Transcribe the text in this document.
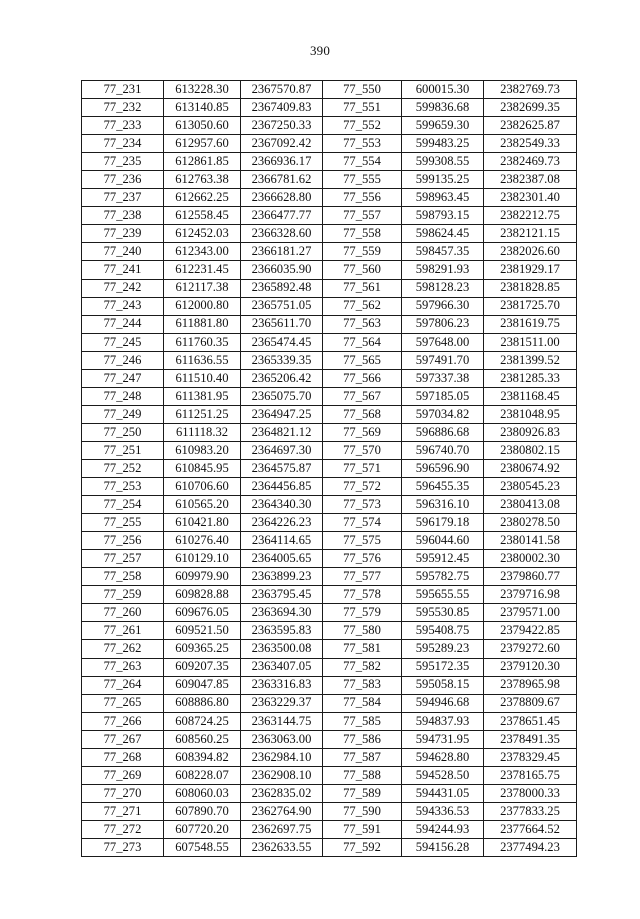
390
77_231	613228.30	2367570.87	77_550	600015.30	2382769.73
77_232	613140.85	2367409.83	77_551	599836.68	2382699.35
77_233	613050.60	2367250.33	77_552	599659.30	2382625.87
77_234	612957.60	2367092.42	77_553	599483.25	2382549.33
77_235	612861.85	2366936.17	77_554	599308.55	2382469.73
77_236	612763.38	2366781.62	77_555	599135.25	2382387.08
77_237	612662.25	2366628.80	77_556	598963.45	2382301.40
77_238	612558.45	2366477.77	77_557	598793.15	2382212.75
77_239	612452.03	2366328.60	77_558	598624.45	2382121.15
77_240	612343.00	2366181.27	77_559	598457.35	2382026.60
77_241	612231.45	2366035.90	77_560	598291.93	2381929.17
77_242	612117.38	2365892.48	77_561	598128.23	2381828.85
77_243	612000.80	2365751.05	77_562	597966.30	2381725.70
77_244	611881.80	2365611.70	77_563	597806.23	2381619.75
77_245	611760.35	2365474.45	77_564	597648.00	2381511.00
77_246	611636.55	2365339.35	77_565	597491.70	2381399.52
77_247	611510.40	2365206.42	77_566	597337.38	2381285.33
77_248	611381.95	2365075.70	77_567	597185.05	2381168.45
77_249	611251.25	2364947.25	77_568	597034.82	2381048.95
77_250	611118.32	2364821.12	77_569	596886.68	2380926.83
77_251	610983.20	2364697.30	77_570	596740.70	2380802.15
77_252	610845.95	2364575.87	77_571	596596.90	2380674.92
77_253	610706.60	2364456.85	77_572	596455.35	2380545.23
77_254	610565.20	2364340.30	77_573	596316.10	2380413.08
77_255	610421.80	2364226.23	77_574	596179.18	2380278.50
77_256	610276.40	2364114.65	77_575	596044.60	2380141.58
77_257	610129.10	2364005.65	77_576	595912.45	2380002.30
77_258	609979.90	2363899.23	77_577	595782.75	2379860.77
77_259	609828.88	2363795.45	77_578	595655.55	2379716.98
77_260	609676.05	2363694.30	77_579	595530.85	2379571.00
77_261	609521.50	2363595.83	77_580	595408.75	2379422.85
77_262	609365.25	2363500.08	77_581	595289.23	2379272.60
77_263	609207.35	2363407.05	77_582	595172.35	2379120.30
77_264	609047.85	2363316.83	77_583	595058.15	2378965.98
77_265	608886.80	2363229.37	77_584	594946.68	2378809.67
77_266	608724.25	2363144.75	77_585	594837.93	2378651.45
77_267	608560.25	2363063.00	77_586	594731.95	2378491.35
77_268	608394.82	2362984.10	77_587	594628.80	2378329.45
77_269	608228.07	2362908.10	77_588	594528.50	2378165.75
77_270	608060.03	2362835.02	77_589	594431.05	2378000.33
77_271	607890.70	2362764.90	77_590	594336.53	2377833.25
77_272	607720.20	2362697.75	77_591	594244.93	2377664.52
77_273	607548.55	2362633.55	77_592	594156.28	2377494.23
